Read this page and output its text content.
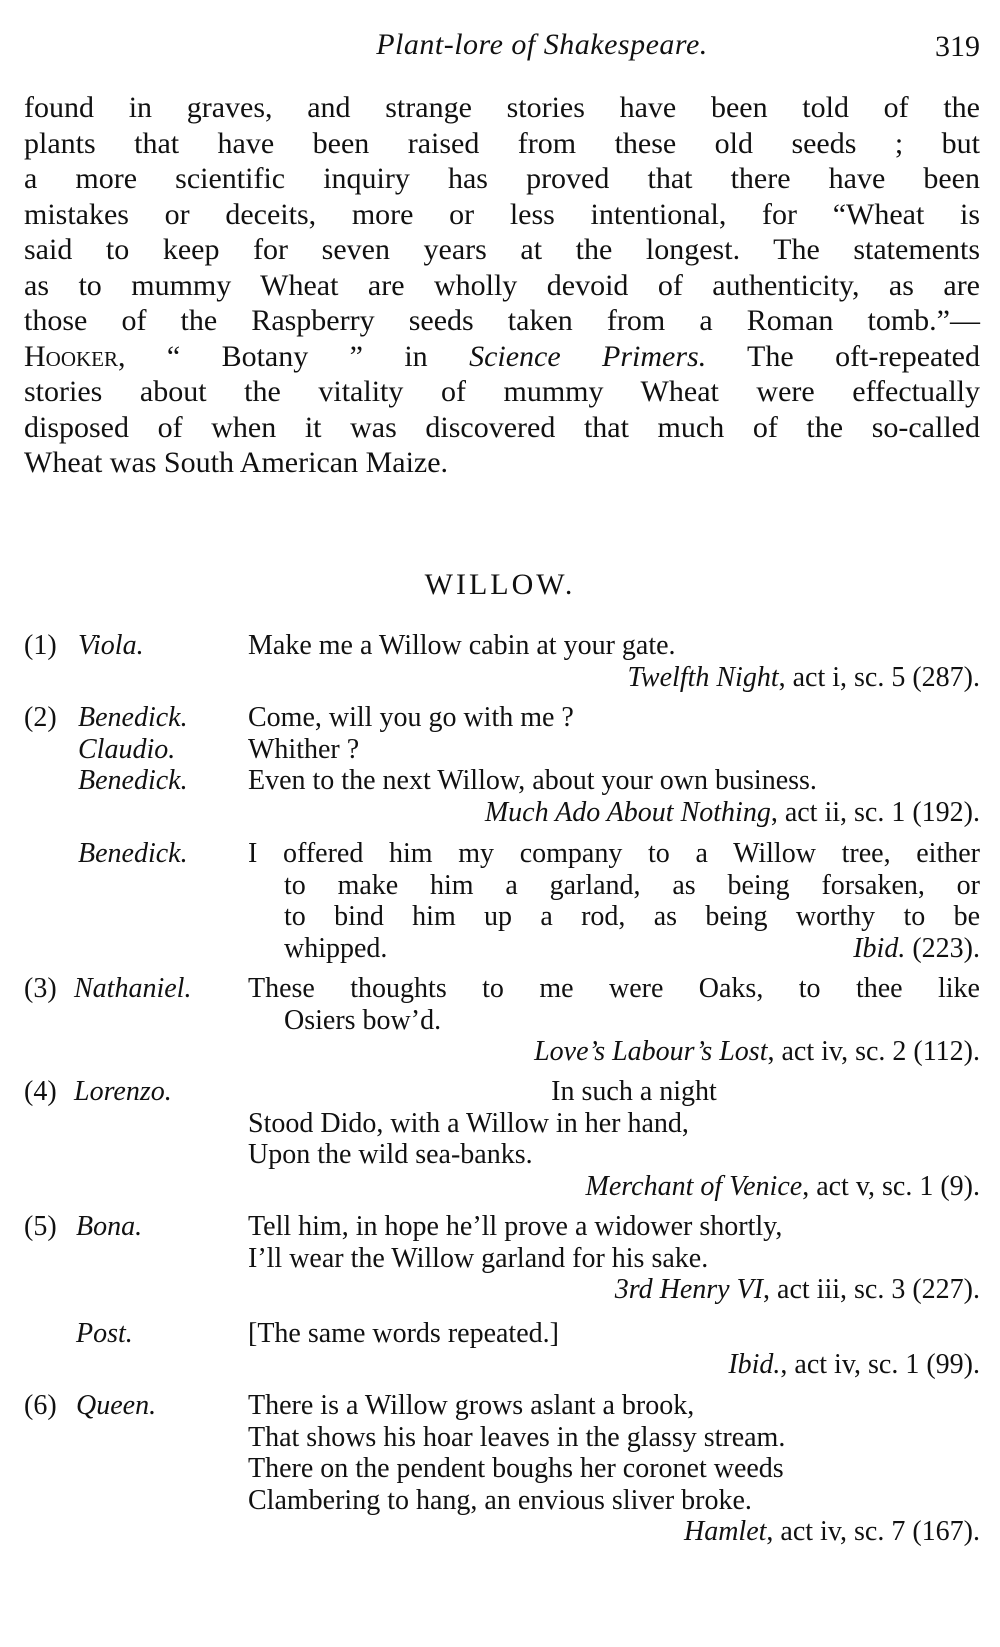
Plant-lore of Shakespeare.	319
found in graves, and strange stories have been told of the
plants that have been raised from these old seeds ; but
a more scientific inquiry has proved that there have been
mistakes or deceits, more or less intentional, for “Wheat is
said to keep for seven years at the longest. The statements
as to mummy Wheat are wholly devoid of authenticity, as are
those of the Raspberry seeds taken from a Roman tomb.”—
Hooker, “ Botany ” in Science Primers. The oft-repeated
stories about the vitality of mummy Wheat were effectually
disposed of when it was discovered that much of the so-called
Wheat was South American Maize.
WILLOW.
(1) Viola.	Make me a Willow cabin at your gate.
Twelfth Night, act i, sc. 5 (287).
(2) Benedick. Come, will you go with me ?
Claudio.	Whither ?
Benedick. Even to the next Willow, about your own business.
Much Ado About Nothing, act ii, sc. 1 (192).
Benedick. I offered him my company to a Willow tree, either
to make him a garland, as being forsaken, or
to bind him up a rod, as being worthy to be
whipped.	Ibid. (223).
(3) Nathaniel. These thoughts to me were Oaks, to thee like
Osiers bow’d.
Love’s Labour’s Lost, act iv, sc. 2 (112).
(4) Lorenzo.	In such a night
Stood Dido, with a Willow in her hand,
Upon the wild sea-banks.
Merchant of Venice, act v, sc. 1 (9).
(5) Bona.	Tell him, in hope he’ll prove a widower shortly,
I’ll wear the Willow garland for his sake.
3rd Henry VI, act iii, sc. 3 (227).
Post.	[The same words repeated.]
Ibid., act iv, sc. 1 (99).
(6) Queen.	There is a Willow grows aslant a brook,
That shows his hoar leaves in the glassy stream.
There on the pendent boughs her coronet weeds
Clambering to hang, an envious sliver broke.
Hamlet, act iv, sc. 7 (167).
